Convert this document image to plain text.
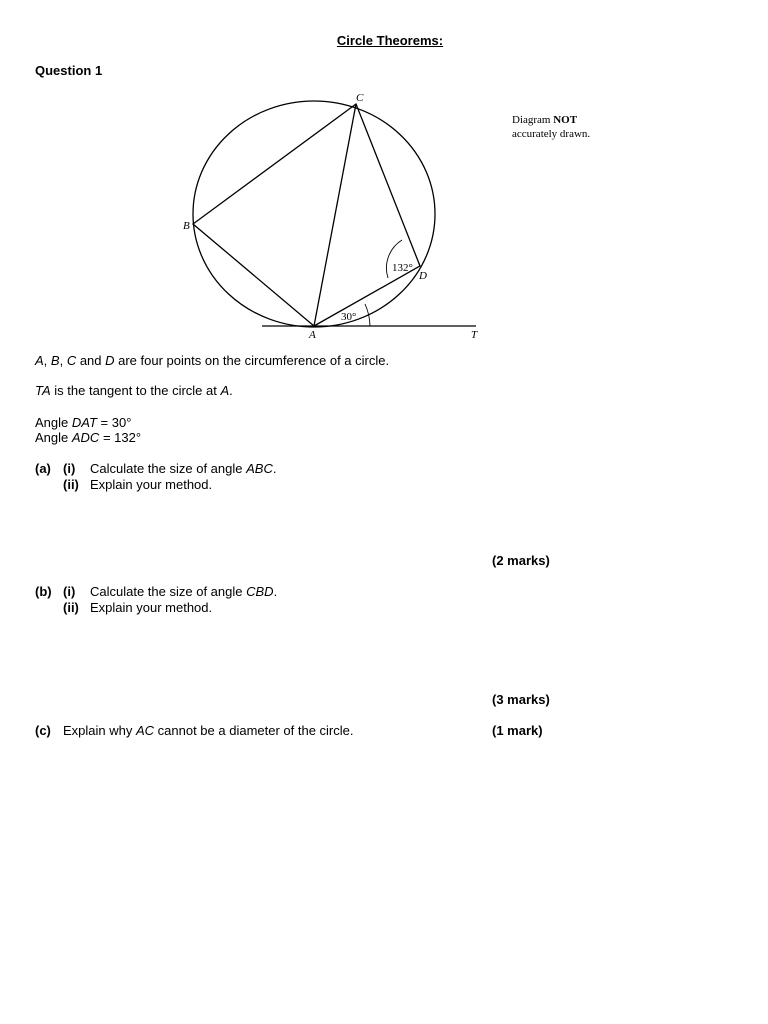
Circle Theorems:
Question 1
Diagram NOT
accurately drawn.
C
B
D
A	T
132°
30°
A, B, C and D are four points on the circumference of a circle.
TA is the tangent to the circle at A.
Angle DAT = 30°
Angle ADC = 132°
(a) (i) Calculate the size of angle ABC.
(ii) Explain your method.
(2 marks)
(b) (i) Calculate the size of angle CBD.
(ii) Explain your method.
(3 marks)
(c) Explain why AC cannot be a diameter of the circle.	(1 mark)
